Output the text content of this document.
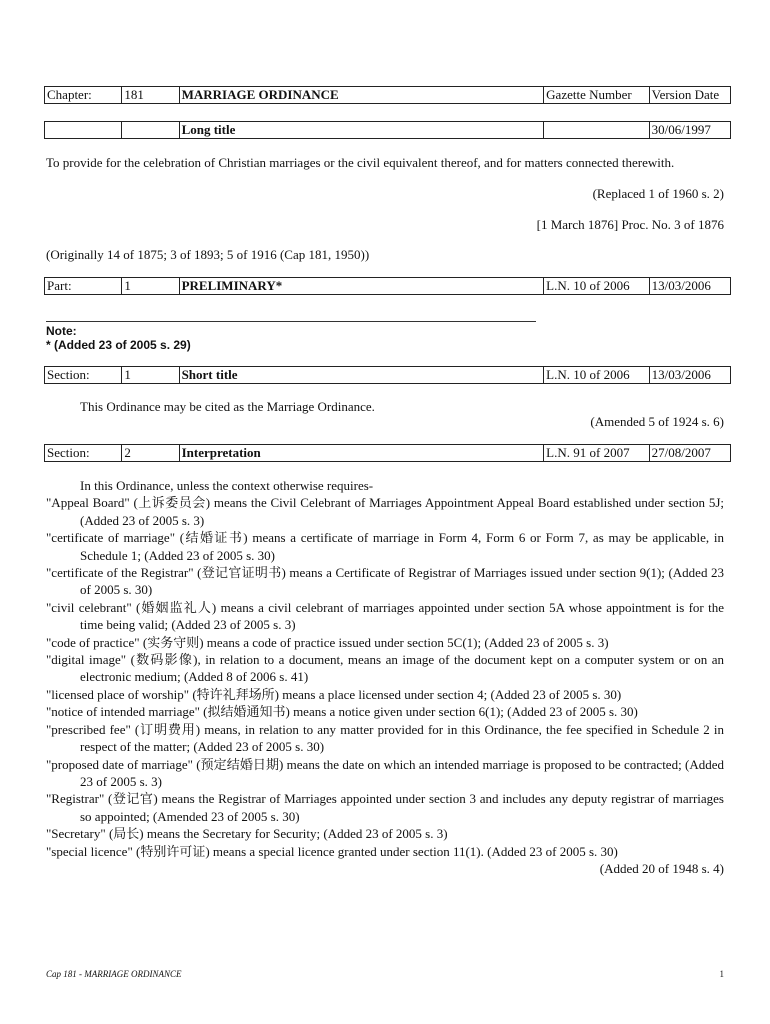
Chapter:	181	MARRIAGE ORDINANCE	Gazette Number	Version Date
		Long title		30/06/1997
To provide for the celebration of Christian marriages or the civil equivalent thereof, and for matters connected therewith.
(Replaced 1 of 1960 s. 2)
[1 March 1876] Proc. No. 3 of 1876
(Originally 14 of 1875; 3 of 1893; 5 of 1916 (Cap 181, 1950))
Part:	1	PRELIMINARY*	L.N. 10 of 2006	13/03/2006
Note:
* (Added 23 of 2005 s. 29)
Section:	1	Short title	L.N. 10 of 2006	13/03/2006
This Ordinance may be cited as the Marriage Ordinance.
(Amended 5 of 1924 s. 6)
Section:	2	Interpretation	L.N. 91 of 2007	27/08/2007
In this Ordinance, unless the context otherwise requires-
"Appeal Board" (上诉委员会) means the Civil Celebrant of Marriages Appointment Appeal Board established under section 5J; (Added 23 of 2005 s. 3)
"certificate of marriage" (结婚证书) means a certificate of marriage in Form 4, Form 6 or Form 7, as may be applicable, in Schedule 1; (Added 23 of 2005 s. 30)
"certificate of the Registrar" (登记官证明书) means a Certificate of Registrar of Marriages issued under section 9(1); (Added 23 of 2005 s. 30)
"civil celebrant" (婚姻监礼人) means a civil celebrant of marriages appointed under section 5A whose appointment is for the time being valid; (Added 23 of 2005 s. 3)
"code of practice" (实务守则) means a code of practice issued under section 5C(1); (Added 23 of 2005 s. 3)
"digital image" (数码影像), in relation to a document, means an image of the document kept on a computer system or on an electronic medium; (Added 8 of 2006 s. 41)
"licensed place of worship" (特许礼拜场所) means a place licensed under section 4; (Added 23 of 2005 s. 30)
"notice of intended marriage" (拟结婚通知书) means a notice given under section 6(1); (Added 23 of 2005 s. 30)
"prescribed fee" (订明费用) means, in relation to any matter provided for in this Ordinance, the fee specified in Schedule 2 in respect of the matter; (Added 23 of 2005 s. 30)
"proposed date of marriage" (预定结婚日期) means the date on which an intended marriage is proposed to be contracted; (Added 23 of 2005 s. 3)
"Registrar" (登记官) means the Registrar of Marriages appointed under section 3 and includes any deputy registrar of marriages so appointed; (Amended 23 of 2005 s. 30)
"Secretary" (局长) means the Secretary for Security; (Added 23 of 2005 s. 3)
"special licence" (特别许可证) means a special licence granted under section 11(1). (Added 23 of 2005 s. 30)
(Added 20 of 1948 s. 4)
Cap 181 - MARRIAGE ORDINANCE	1
